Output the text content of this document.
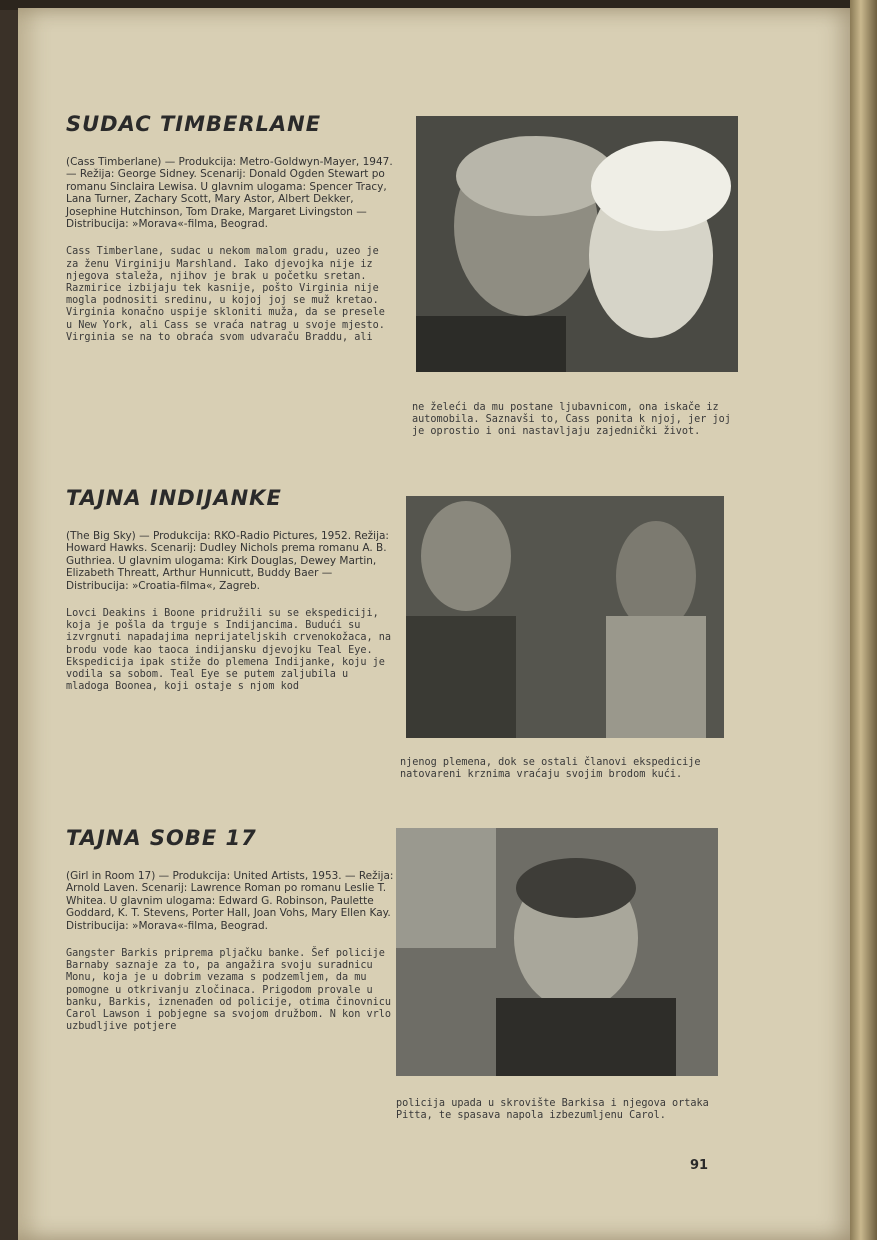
SUDAC TIMBERLANE

(Cass Timberlane) — Produkcija: Metro-Goldwyn-Mayer, 1947. — Režija: George Sidney. Scenarij: Donald Ogden Stewart po romanu Sinclaira Lewisa. U glavnim ulogama: Spencer Tracy, Lana Turner, Zachary Scott, Mary Astor, Albert Dekker, Josephine Hutchinson, Tom Drake, Margaret Livingston — Distribucija: »Morava«-filma, Beograd.

Cass Timberlane, sudac u nekom malom gradu, uzeo je za ženu Virginiju Marshland. Iako djevojka nije iz njegova staleža, njihov je brak u početku sretan. Razmirice izbijaju tek kasnije, pošto Virginia nije mogla podnositi sredinu, u kojoj joj se muž kretao. Virginia konačno uspije skloniti muža, da se presele u New York, ali Cass se vraća natrag u svoje mjesto. Virginia se na to obraća svom udvaraču Braddu, ali

ne želeći da mu postane ljubavnicom, ona iskače iz automobila. Saznavši to, Cass ponita k njoj, jer joj je oprostio i oni nastavljaju zajednički život.
TAJNA INDIJANKE

(The Big Sky) — Produkcija: RKO-Radio Pictures, 1952. Režija: Howard Hawks. Scenarij: Dudley Nichols prema romanu A. B. Guthriea. U glavnim ulogama: Kirk Douglas, Dewey Martin, Elizabeth Threatt, Arthur Hunnicutt, Buddy Baer — Distribucija: »Croatia-filma«, Zagreb.

Lovci Deakins i Boone pridružili su se ekspediciji, koja je pošla da trguje s Indijancima. Budući su izvrgnuti napadajima neprijateljskih crvenokožaca, na brodu vode kao taoca indijansku djevojku Teal Eye. Ekspedicija ipak stiže do plemena Indijanke, koju je vodila sa sobom. Teal Eye se putem zaljubila u mladoga Boonea, koji ostaje s njom kod

njenog plemena, dok se ostali članovi ekspedicije natovareni krznima vraćaju svojim brodom kući.
TAJNA SOBE 17

(Girl in Room 17) — Produkcija: United Artists, 1953. — Režija: Arnold Laven. Scenarij: Lawrence Roman po romanu Leslie T. Whitea. U glavnim ulogama: Edward G. Robinson, Paulette Goddard, K. T. Stevens, Porter Hall, Joan Vohs, Mary Ellen Kay. Distribucija: »Morava«-filma, Beograd.

Gangster Barkis priprema pljačku banke. Šef policije Barnaby saznaje za to, pa angažira svoju suradnicu Monu, koja je u dobrim vezama s podzemljem, da mu pomogne u otkrivanju zločinaca. Prigodom provale u banku, Barkis, iznenađen od policije, otima činovnicu Carol Lawson i pobjegne sa svojom družbom. N kon vrlo uzbudljive potjere

policija upada u skrovište Barkisa i njegova ortaka Pitta, te spasava napola izbezumljenu Carol.
91
